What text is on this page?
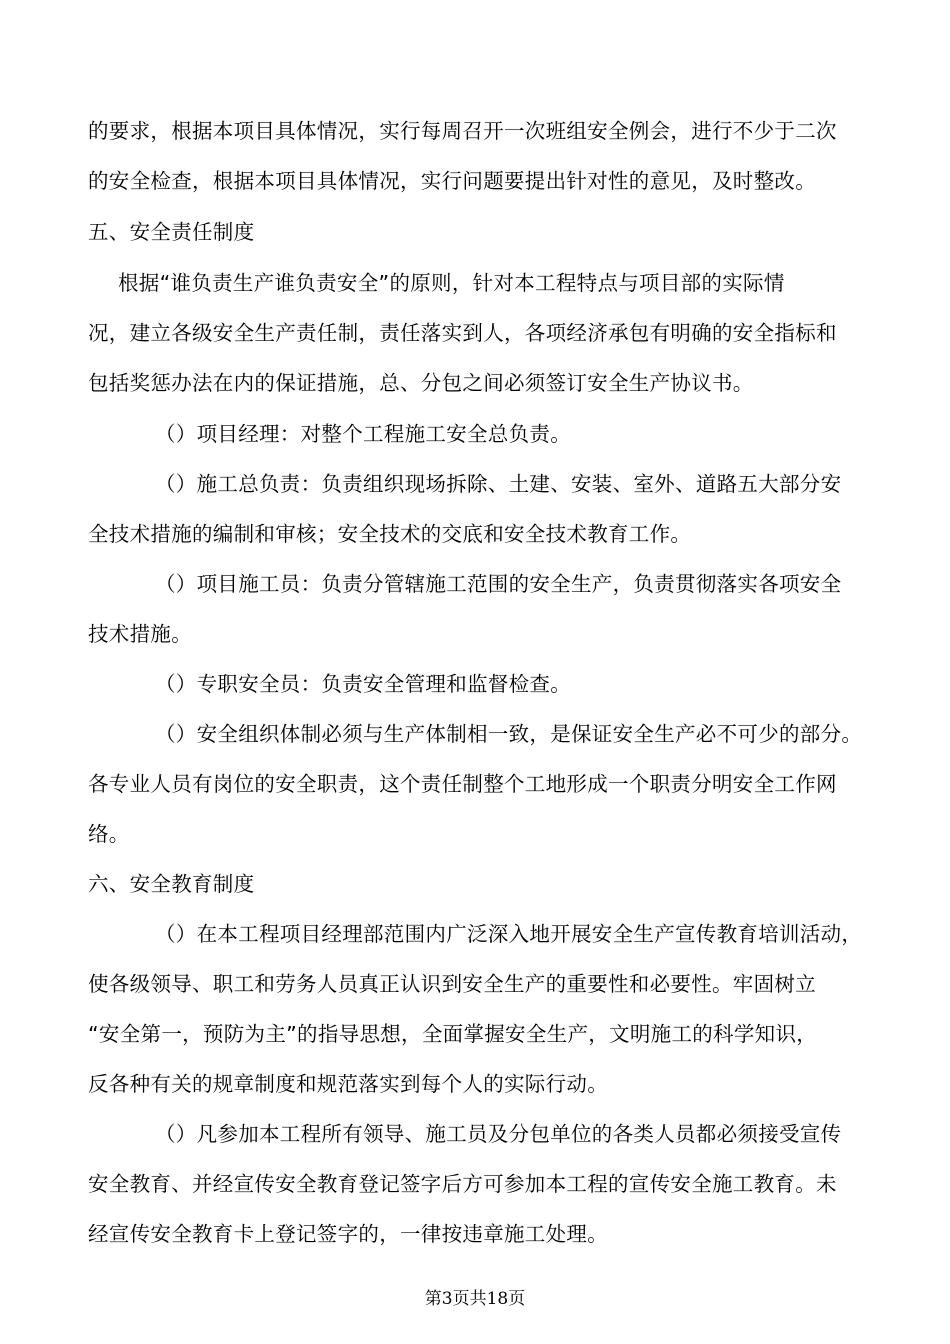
的要求，根据本项目具体情况，实行每周召开一次班组安全例会，进行不少于二次
的安全检查，根据本项目具体情况，实行问题要提出针对性的意见，及时整改。
五、安全责任制度
根据“谁负责生产谁负责安全”的原则，针对本工程特点与项目部的实际情
况，建立各级安全生产责任制，责任落实到人，各项经济承包有明确的安全指标和
包括奖惩办法在内的保证措施，总、分包之间必须签订安全生产协议书。
（）项目经理：对整个工程施工安全总负责。
（）施工总负责：负责组织现场拆除、土建、安装、室外、道路五大部分安
全技术措施的编制和审核；安全技术的交底和安全技术教育工作。
（）项目施工员：负责分管辖施工范围的安全生产，负责贯彻落实各项安全
技术措施。
（）专职安全员：负责安全管理和监督检查。
（）安全组织体制必须与生产体制相一致，是保证安全生产必不可少的部分。
各专业人员有岗位的安全职责，这个责任制整个工地形成一个职责分明安全工作网
络。
六、安全教育制度
（）在本工程项目经理部范围内广泛深入地开展安全生产宣传教育培训活动，
使各级领导、职工和劳务人员真正认识到安全生产的重要性和必要性。牢固树立
“安全第一，预防为主”的指导思想，全面掌握安全生产，文明施工的科学知识，
反各种有关的规章制度和规范落实到每个人的实际行动。
（）凡参加本工程所有领导、施工员及分包单位的各类人员都必须接受宣传
安全教育、并经宣传安全教育登记签字后方可参加本工程的宣传安全施工教育。未
经宣传安全教育卡上登记签字的，一律按违章施工处理。
第3页共18页
